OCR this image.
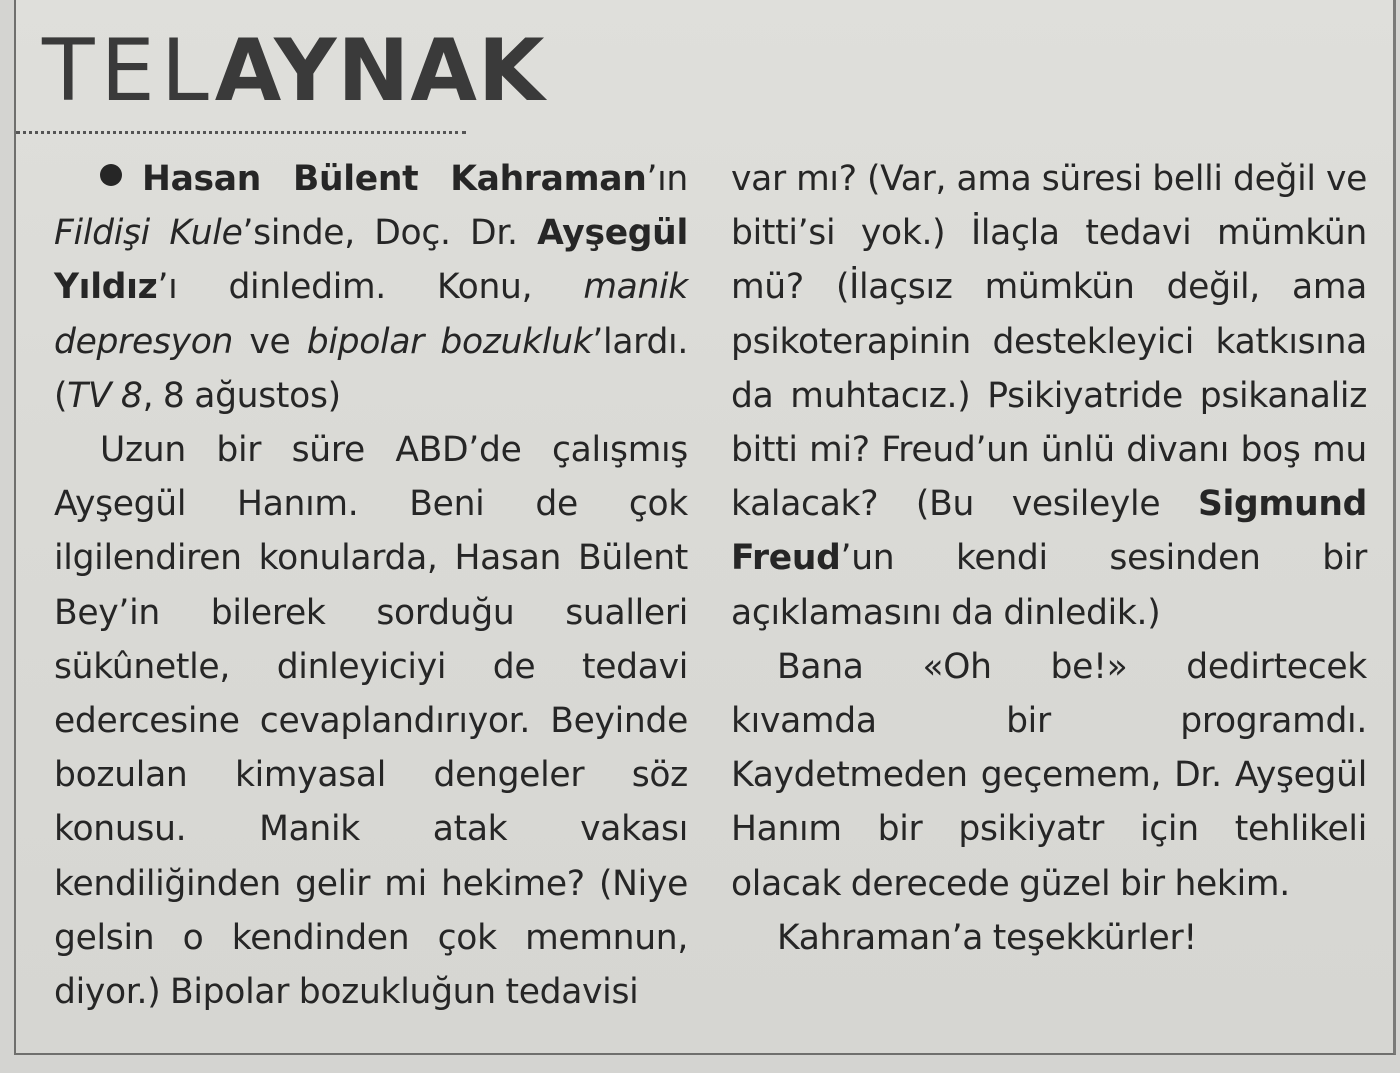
TELAYNAK

Hasan Bülent Kahraman’ın Fildişi Kule’sinde, Doç. Dr. Ayşegül Yıldız’ı dinledim. Konu, manik depresyon ve bipolar bozukluk’lardı. (TV 8, 8 ağustos)

Uzun bir süre ABD’de çalışmış Ayşegül Hanım. Beni de çok ilgilendiren konularda, Hasan Bülent Bey’in bilerek sorduğu sualleri sükûnetle, dinleyiciyi de tedavi edercesine cevaplandırıyor. Beyinde bozulan kimyasal dengeler söz konusu. Manik atak vakası kendiliğinden gelir mi hekime? (Niye gelsin o kendinden çok memnun, diyor.) Bipolar bozukluğun tedavisi

var mı? (Var, ama süresi belli değil ve bitti’si yok.) İlaçla tedavi mümkün mü? (İlaçsız mümkün değil, ama psikoterapinin destekleyici katkısına da muhtacız.) Psikiyatride psikanaliz bitti mi? Freud’un ünlü divanı boş mu kalacak? (Bu vesileyle Sigmund Freud’un kendi sesinden bir açıklamasını da dinledik.)

Bana «Oh be!» dedirtecek kıvamda bir programdı. Kaydetmeden geçemem, Dr. Ayşegül Hanım bir psikiyatr için tehlikeli olacak derecede güzel bir hekim.

Kahraman’a teşekkürler!
